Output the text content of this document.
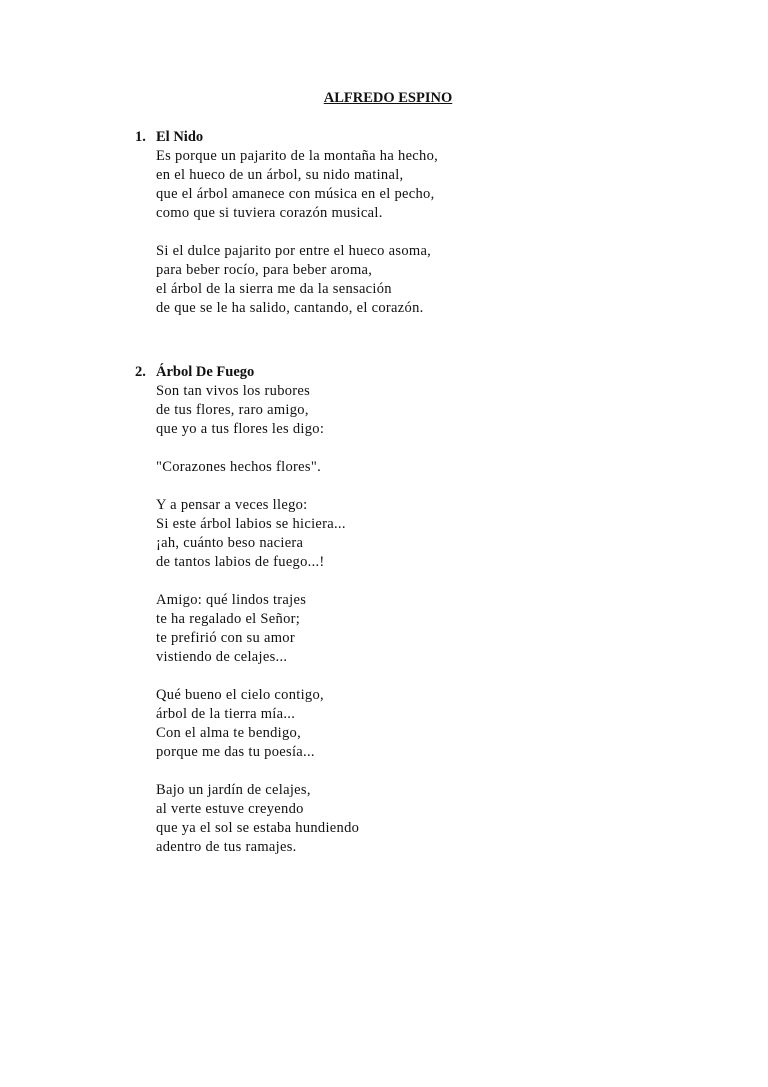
ALFREDO ESPINO
1. El Nido
Es porque un pajarito de la montaña ha hecho,
en el hueco de un árbol, su nido matinal,
que el árbol amanece con música en el pecho,
como que si tuviera corazón musical.
Si el dulce pajarito por entre el hueco asoma,
para beber rocío, para beber aroma,
el árbol de la sierra me da la sensación
de que se le ha salido, cantando, el corazón.
2. Árbol De Fuego
Son tan vivos los rubores
de tus flores, raro amigo,
que yo a tus flores les digo:
"Corazones hechos flores".
Y a pensar a veces llego:
Si este árbol labios se hiciera...
¡ah, cuánto beso naciera
de tantos labios de fuego...!
Amigo: qué lindos trajes
te ha regalado el Señor;
te prefirió con su amor
vistiendo de celajes...
Qué bueno el cielo contigo,
árbol de la tierra mía...
Con el alma te bendigo,
porque me das tu poesía...
Bajo un jardín de celajes,
al verte estuve creyendo
que ya el sol se estaba hundiendo
adentro de tus ramajes.
